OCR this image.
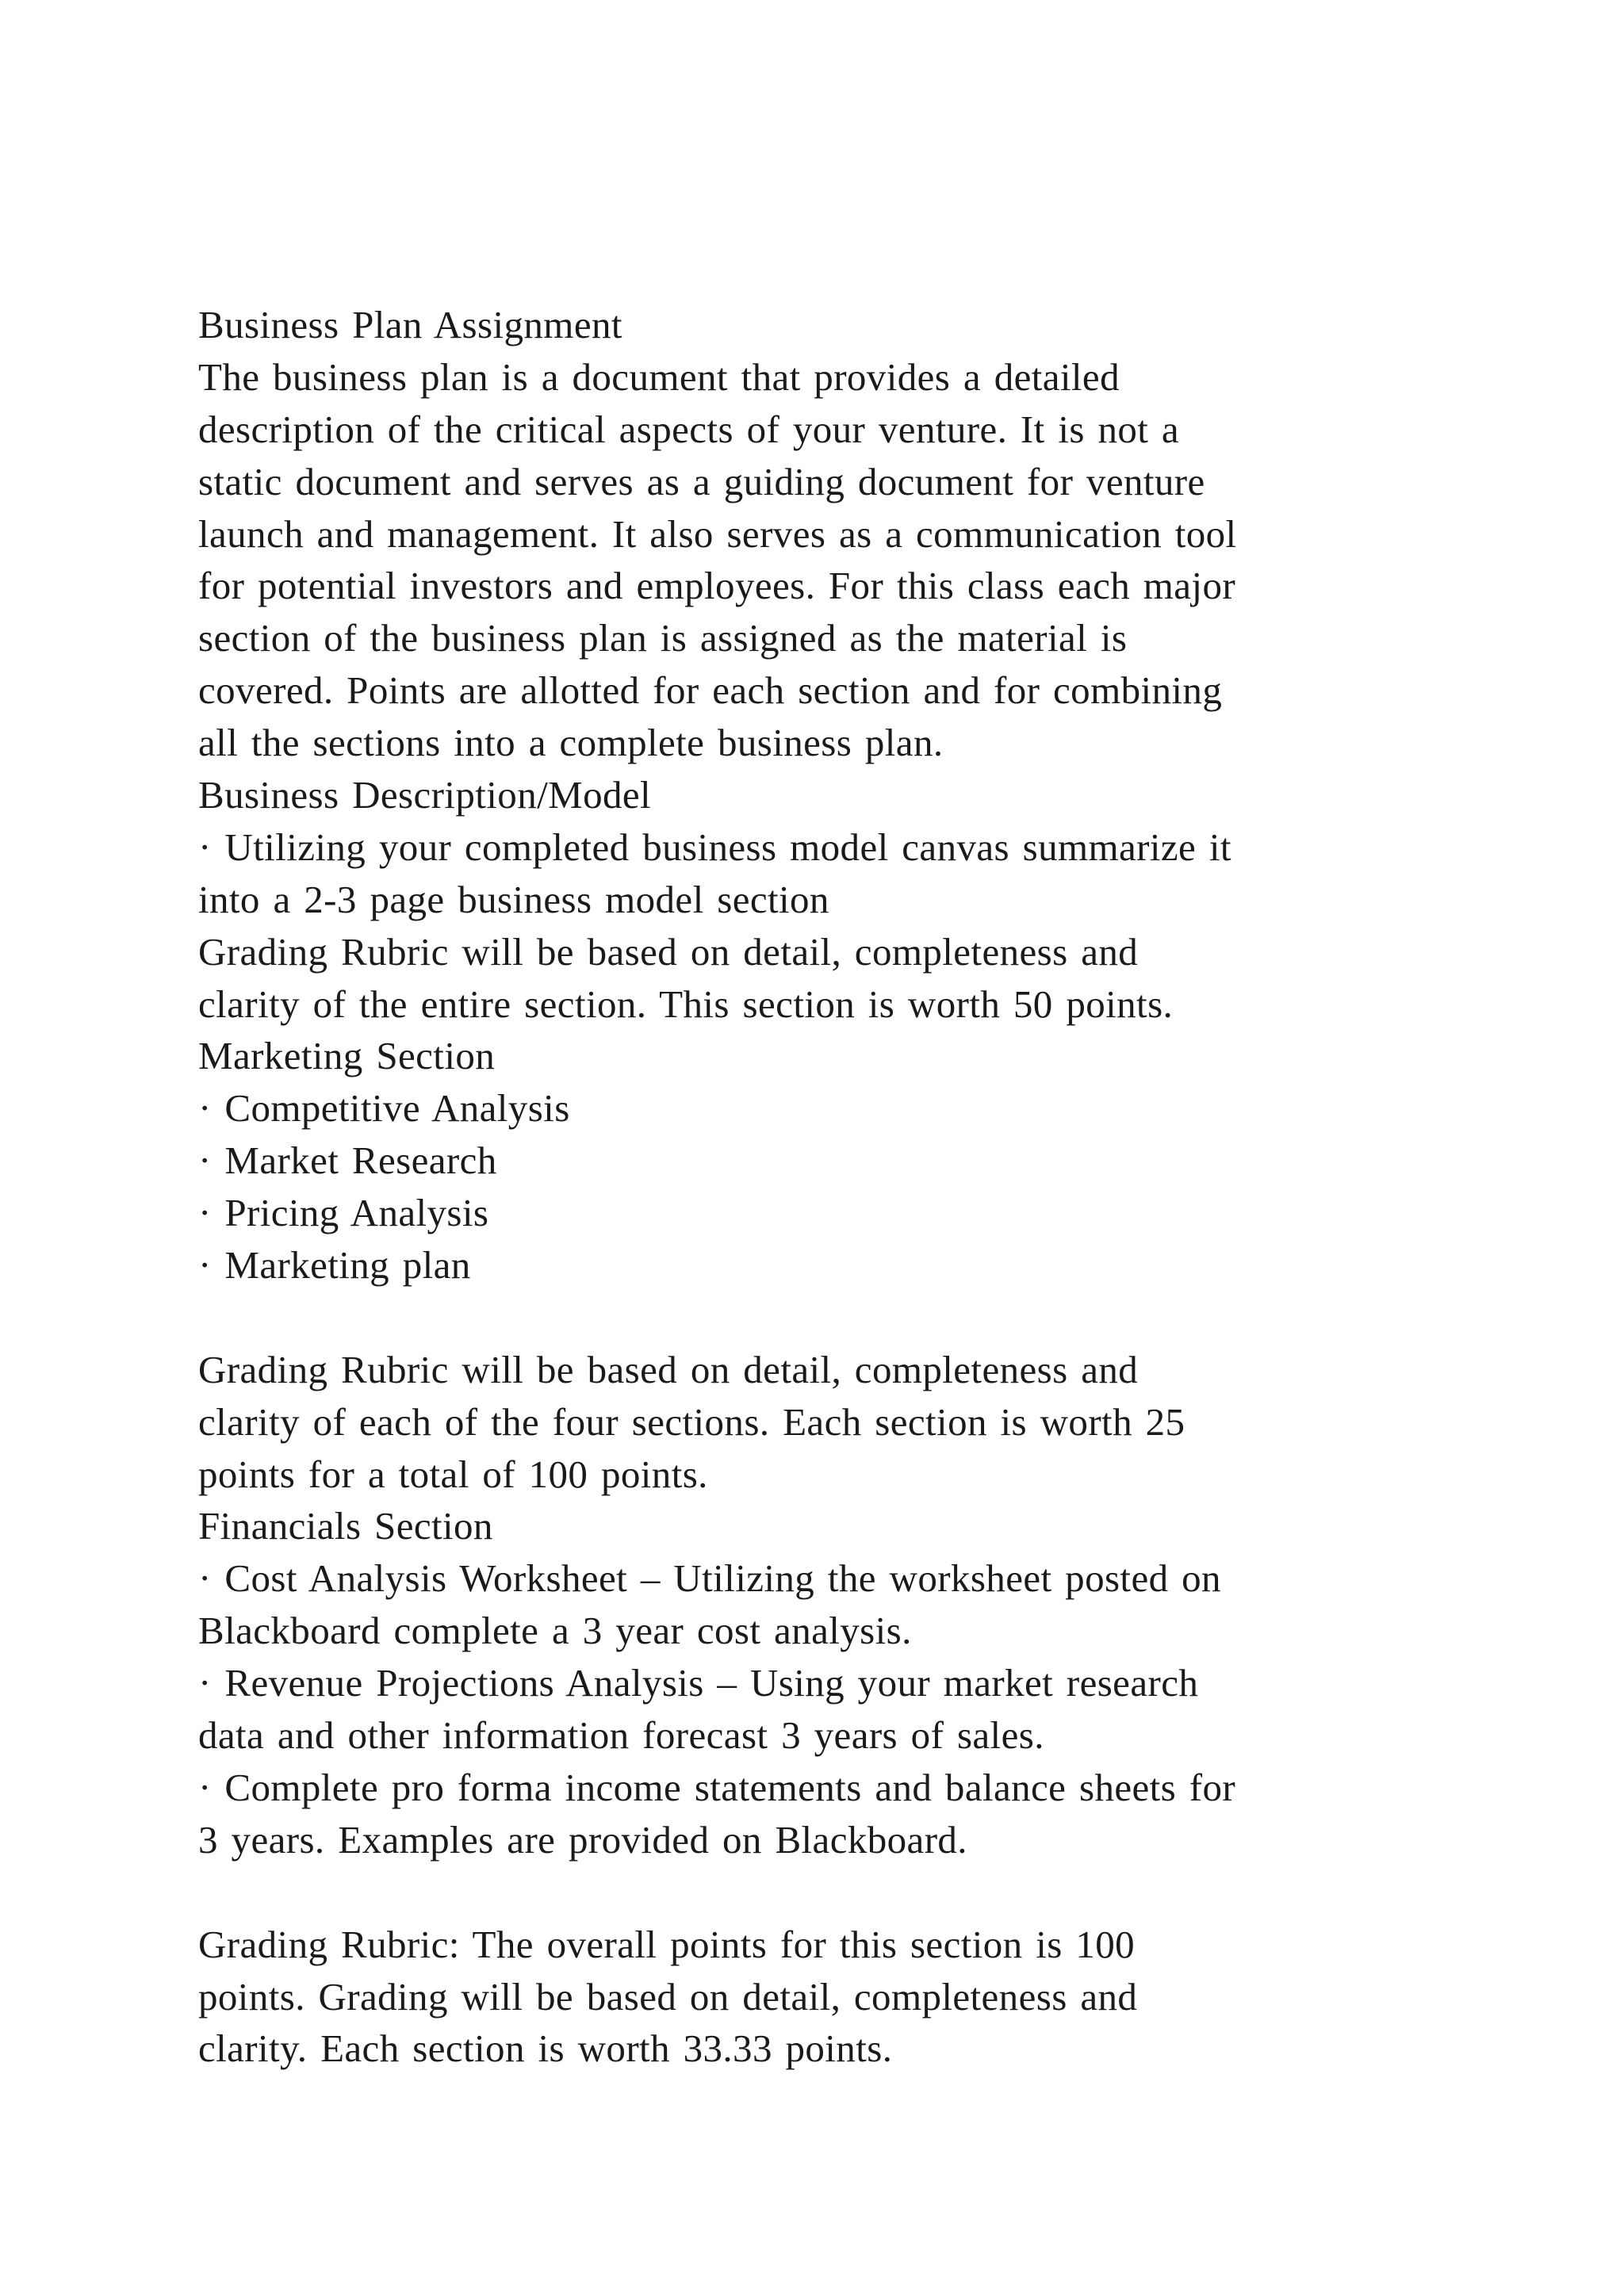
Business Plan Assignment
The business plan is a document that provides a detailed
description of the critical aspects of your venture. It is not a
static document and serves as a guiding document for venture
launch and management. It also serves as a communication tool
for potential investors and employees. For this class each major
section of the business plan is assigned as the material is
covered. Points are allotted for each section and for combining
all the sections into a complete business plan.
Business Description/Model
· Utilizing your completed business model canvas summarize it
into a 2-3 page business model section
Grading Rubric will be based on detail, completeness and
clarity of the entire section. This section is worth 50 points.
Marketing Section
· Competitive Analysis
· Market Research
· Pricing Analysis
· Marketing plan
Grading Rubric will be based on detail, completeness and
clarity of each of the four sections. Each section is worth 25
points for a total of 100 points.
Financials Section
· Cost Analysis Worksheet – Utilizing the worksheet posted on
Blackboard complete a 3 year cost analysis.
· Revenue Projections Analysis – Using your market research
data and other information forecast 3 years of sales.
· Complete pro forma income statements and balance sheets for
3 years. Examples are provided on Blackboard.
Grading Rubric: The overall points for this section is 100
points. Grading will be based on detail, completeness and
clarity. Each section is worth 33.33 points.
